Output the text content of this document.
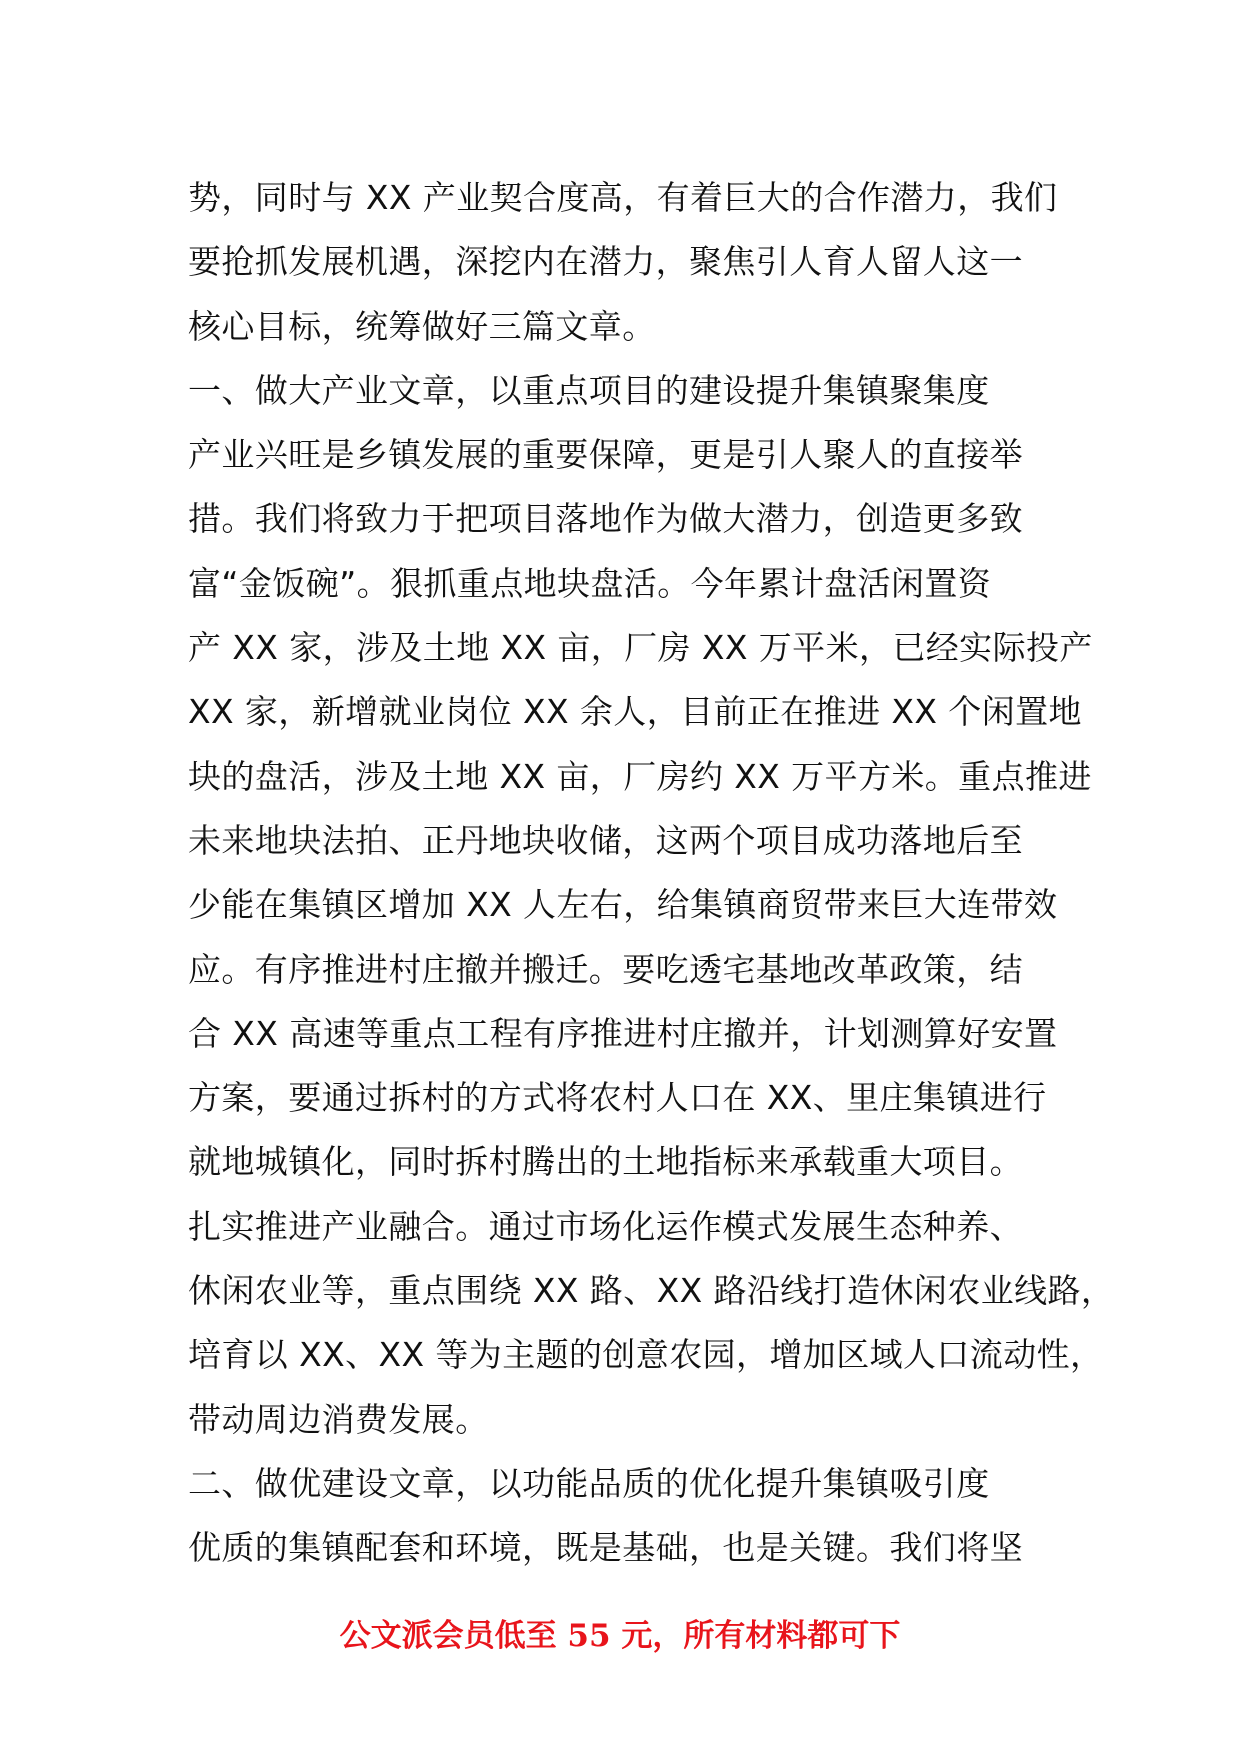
势，同时与 XX 产业契合度高，有着巨大的合作潜力，我们
要抢抓发展机遇，深挖内在潜力，聚焦引人育人留人这一
核心目标，统筹做好三篇文章。
一、做大产业文章，以重点项目的建设提升集镇聚集度
产业兴旺是乡镇发展的重要保障，更是引人聚人的直接举
措。我们将致力于把项目落地作为做大潜力，创造更多致
富“金饭碗”。狠抓重点地块盘活。今年累计盘活闲置资
产 XX 家，涉及土地 XX 亩，厂房 XX 万平米，已经实际投产
XX 家，新增就业岗位 XX 余人，目前正在推进 XX 个闲置地
块的盘活，涉及土地 XX 亩，厂房约 XX 万平方米。重点推进
未来地块法拍、正丹地块收储，这两个项目成功落地后至
少能在集镇区增加 XX 人左右，给集镇商贸带来巨大连带效
应。有序推进村庄撤并搬迁。要吃透宅基地改革政策，结
合 XX 高速等重点工程有序推进村庄撤并，计划测算好安置
方案，要通过拆村的方式将农村人口在 XX、里庄集镇进行
就地城镇化，同时拆村腾出的土地指标来承载重大项目。
扎实推进产业融合。通过市场化运作模式发展生态种养、
休闲农业等，重点围绕 XX 路、XX 路沿线打造休闲农业线路，
培育以 XX、XX 等为主题的创意农园，增加区域人口流动性，
带动周边消费发展。
二、做优建设文章，以功能品质的优化提升集镇吸引度
优质的集镇配套和环境，既是基础，也是关键。我们将坚
公文派会员低至 55 元，所有材料都可下
